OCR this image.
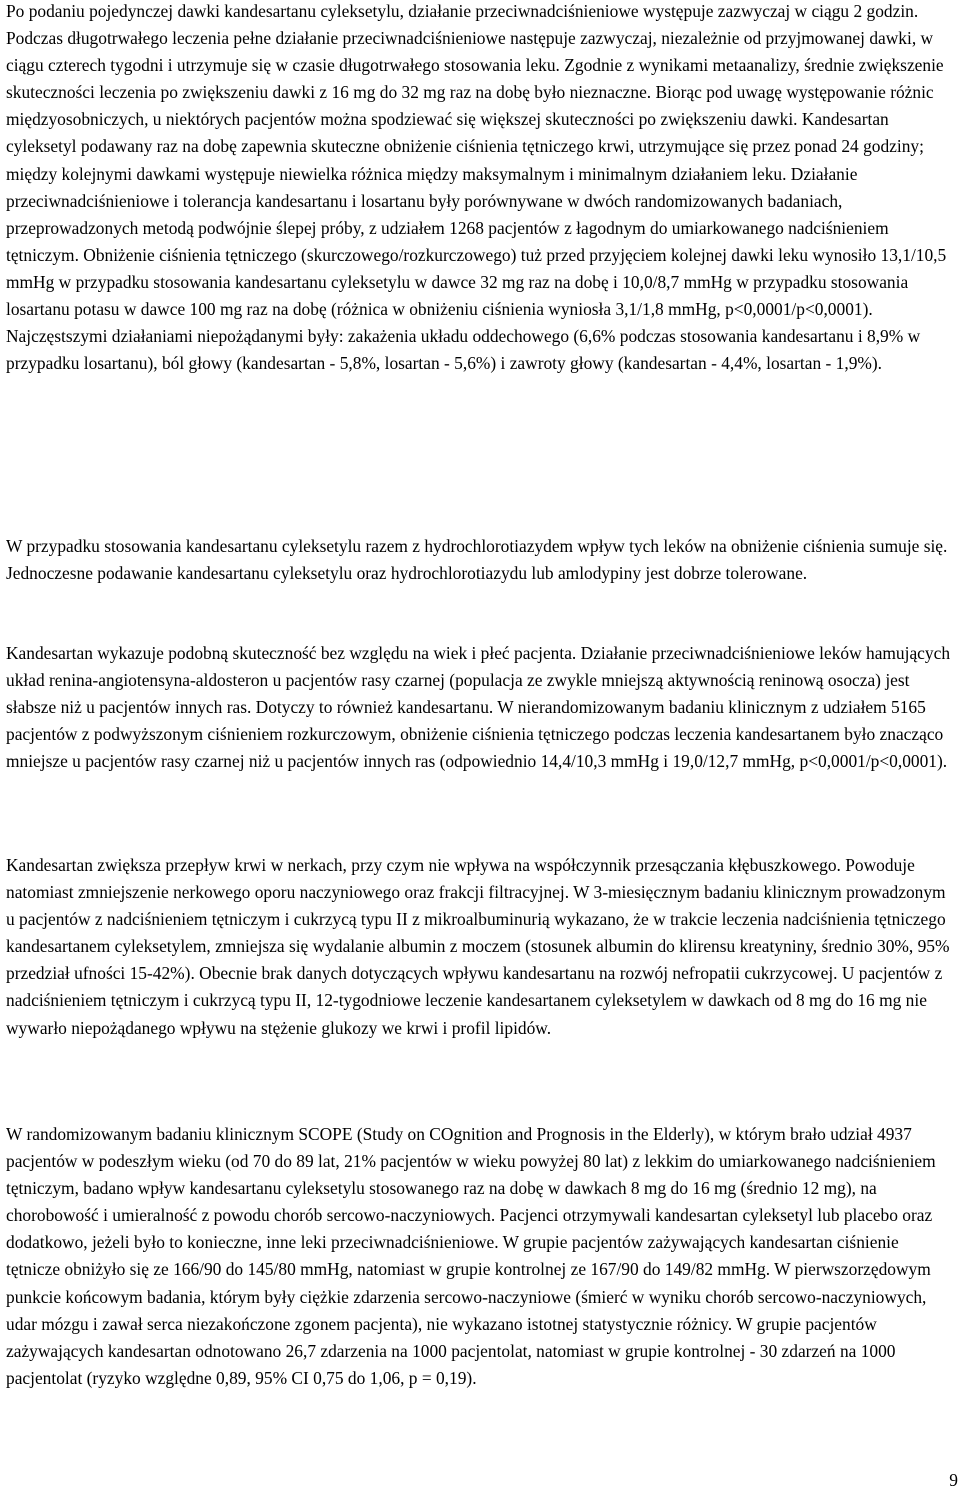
Po podaniu pojedynczej dawki kandesartanu cyleksetylu, działanie przeciwnadciśnieniowe występuje zazwyczaj w ciągu 2 godzin. Podczas długotrwałego leczenia pełne działanie przeciwnadciśnieniowe następuje zazwyczaj, niezależnie od przyjmowanej dawki, w ciągu czterech tygodni i utrzymuje się w czasie długotrwałego stosowania leku. Zgodnie z wynikami metaanalizy, średnie zwiększenie skuteczności leczenia po zwiększeniu dawki z 16 mg do 32 mg raz na dobę było nieznaczne. Biorąc pod uwagę występowanie różnic międzyosobniczych, u niektórych pacjentów można spodziewać się większej skuteczności po zwiększeniu dawki. Kandesartan cyleksetyl podawany raz na dobę zapewnia skuteczne obniżenie ciśnienia tętniczego krwi, utrzymujące się przez ponad 24 godziny; między kolejnymi dawkami występuje niewielka różnica między maksymalnym i minimalnym działaniem leku. Działanie przeciwnadciśnieniowe i tolerancja kandesartanu i losartanu były porównywane w dwóch randomizowanych badaniach, przeprowadzonych metodą podwójnie ślepej próby, z udziałem 1268 pacjentów z łagodnym do umiarkowanego nadciśnieniem tętniczym. Obniżenie ciśnienia tętniczego (skurczowego/rozkurczowego) tuż przed przyjęciem kolejnej dawki leku wynosiło 13,1/10,5 mmHg w przypadku stosowania kandesartanu cyleksetylu w dawce 32 mg raz na dobę i 10,0/8,7 mmHg w przypadku stosowania losartanu potasu w dawce 100 mg raz na dobę (różnica w obniżeniu ciśnienia wyniosła 3,1/1,8 mmHg, p<0,0001/p<0,0001). Najczęstszymi działaniami niepożądanymi były: zakażenia układu oddechowego (6,6% podczas stosowania kandesartanu i 8,9% w przypadku losartanu), ból głowy (kandesartan - 5,8%, losartan - 5,6%) i zawroty głowy (kandesartan - 4,4%, losartan - 1,9%).

W przypadku stosowania kandesartanu cyleksetylu razem z hydrochlorotiazydem wpływ tych leków na obniżenie ciśnienia sumuje się. Jednoczesne podawanie kandesartanu cyleksetylu oraz hydrochlorotiazydu lub amlodypiny jest dobrze tolerowane.

Kandesartan wykazuje podobną skuteczność bez względu na wiek i płeć pacjenta. Działanie przeciwnadciśnieniowe leków hamujących układ renina-angiotensyna-aldosteron u pacjentów rasy czarnej (populacja ze zwykle mniejszą aktywnością reninową osocza) jest słabsze niż u pacjentów innych ras. Dotyczy to również kandesartanu. W nierandomizowanym badaniu klinicznym z udziałem 5165 pacjentów z podwyższonym ciśnieniem rozkurczowym, obniżenie ciśnienia tętniczego podczas leczenia kandesartanem było znacząco mniejsze u pacjentów rasy czarnej niż u pacjentów innych ras (odpowiednio 14,4/10,3 mmHg i 19,0/12,7 mmHg, p<0,0001/p<0,0001).

Kandesartan zwiększa przepływ krwi w nerkach, przy czym nie wpływa na współczynnik przesączania kłębuszkowego. Powoduje natomiast zmniejszenie nerkowego oporu naczyniowego oraz frakcji filtracyjnej. W 3-miesięcznym badaniu klinicznym prowadzonym u pacjentów z nadciśnieniem tętniczym i cukrzycą typu II z mikroalbuminurią wykazano, że w trakcie leczenia nadciśnienia tętniczego kandesartanem cyleksetylem, zmniejsza się wydalanie albumin z moczem (stosunek albumin do klirensu kreatyniny, średnio 30%, 95% przedział ufności 15-42%). Obecnie brak danych dotyczących wpływu kandesartanu na rozwój nefropatii cukrzycowej. U pacjentów z nadciśnieniem tętniczym i cukrzycą typu II, 12-tygodniowe leczenie kandesartanem cyleksetylem w dawkach od 8 mg do 16 mg nie wywarło niepożądanego wpływu na stężenie glukozy we krwi i profil lipidów.

W randomizowanym badaniu klinicznym SCOPE (Study on COgnition and Prognosis in the Elderly), w którym brało udział 4937 pacjentów w podeszłym wieku (od 70 do 89 lat, 21% pacjentów w wieku powyżej 80 lat) z lekkim do umiarkowanego nadciśnieniem tętniczym, badano wpływ kandesartanu cyleksetylu stosowanego raz na dobę w dawkach 8 mg do 16 mg (średnio 12 mg), na chorobowość i umieralność z powodu chorób sercowo-naczyniowych. Pacjenci otrzymywali kandesartan cyleksetyl lub placebo oraz dodatkowo, jeżeli było to konieczne, inne leki przeciwnadciśnieniowe. W grupie pacjentów zażywających kandesartan ciśnienie tętnicze obniżyło się ze 166/90 do 145/80 mmHg, natomiast w grupie kontrolnej ze 167/90 do 149/82 mmHg. W pierwszorzędowym punkcie końcowym badania, którym były ciężkie zdarzenia sercowo-naczyniowe (śmierć w wyniku chorób sercowo-naczyniowych, udar mózgu i zawał serca niezakończone zgonem pacjenta), nie wykazano istotnej statystycznie różnicy. W grupie pacjentów zażywających kandesartan odnotowano 26,7 zdarzenia na 1000 pacjentolat, natomiast w grupie kontrolnej - 30 zdarzeń na 1000 pacjentolat (ryzyko względne 0,89, 95% CI 0,75 do 1,06, p = 0,19).

9
